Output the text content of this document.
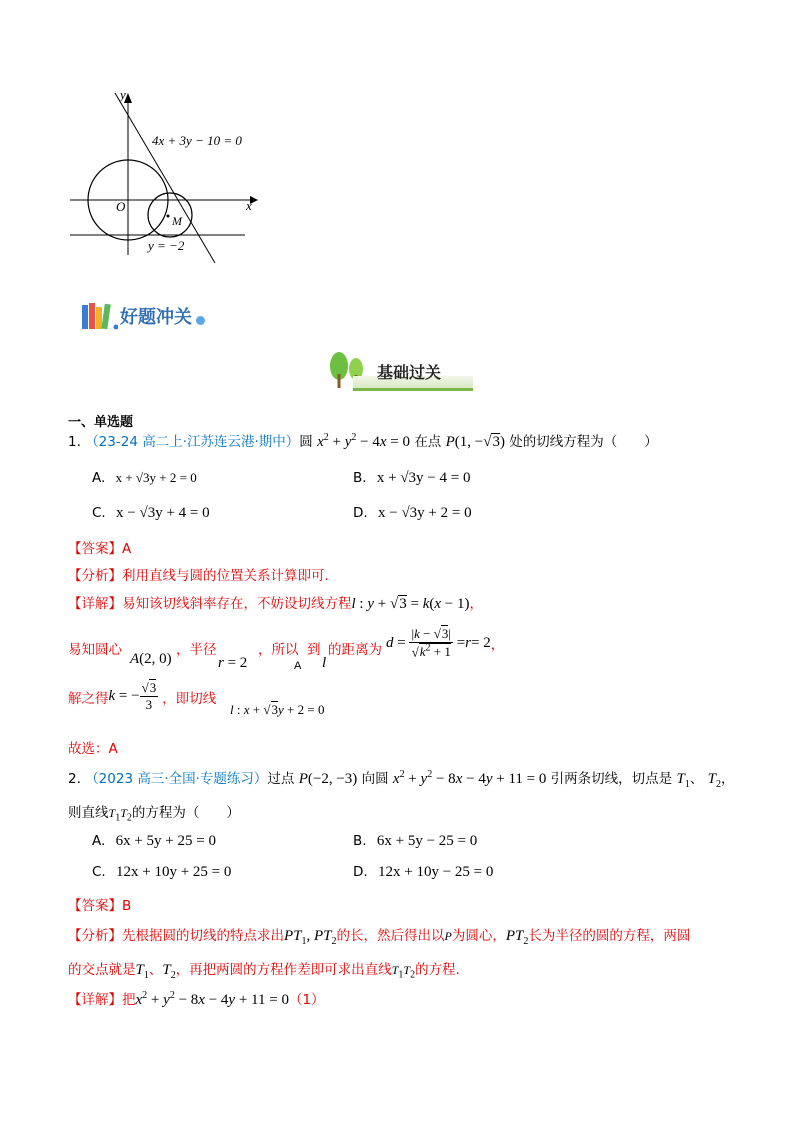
y
x
4x + 3y − 10 = 0
O
M
y = −2
好题冲关
基础过关
一、单选题
1. （23-24 高二上·江苏连云港·期中）圆 $x^2 + y^2 - 4x = 0$ 在点 P(1, −√3) 处的切线方程为（　　）
A. x + √3y + 2 = 0	B. x + √3y − 4 = 0
C. x − √3y + 4 = 0	D. x − √3y + 2 = 0
【答案】A
【分析】利用直线与圆的位置关系计算即可.
【详解】易知该切线斜率存在，不妨设切线方程l : y + √3 = k(x − 1)，
易知圆心
A(2, 0)
，半径
r = 2
，所以
A
到
l
的距离为 $d = \frac{|k - √3|}{√k^2 + 1} = r = 2$ ，
解之得 k = − $\frac{√3}{3}$ ，即切线
l : x + √3y + 2 = 0
故选：A
2. （2023 高三·全国·专题练习）过点 P(−2, −3) 向圆 $x^2 + y^2 - 8x - 4y + 11 = 0$ 引两条切线，切点是 $T_1$、 $T_2$，
则直线$T_1T_2$的方程为（　　）
A. 6x + 5y + 25 = 0	B. 6x + 5y − 25 = 0
C. 12x + 10y + 25 = 0	D. 12x + 10y − 25 = 0
【答案】B
【分析】先根据圆的切线的特点求出$PT_1$, $PT_2$的长，然后得出以P为圆心，$PT_2$长为半径的圆的方程，两圆
的交点就是$T_1$、$T_2$，再把两圆的方程作差即可求出直线$T_1T_2$的方程.
【详解】把$x^2 + y^2 - 8x - 4y + 11 = 0(1)$
